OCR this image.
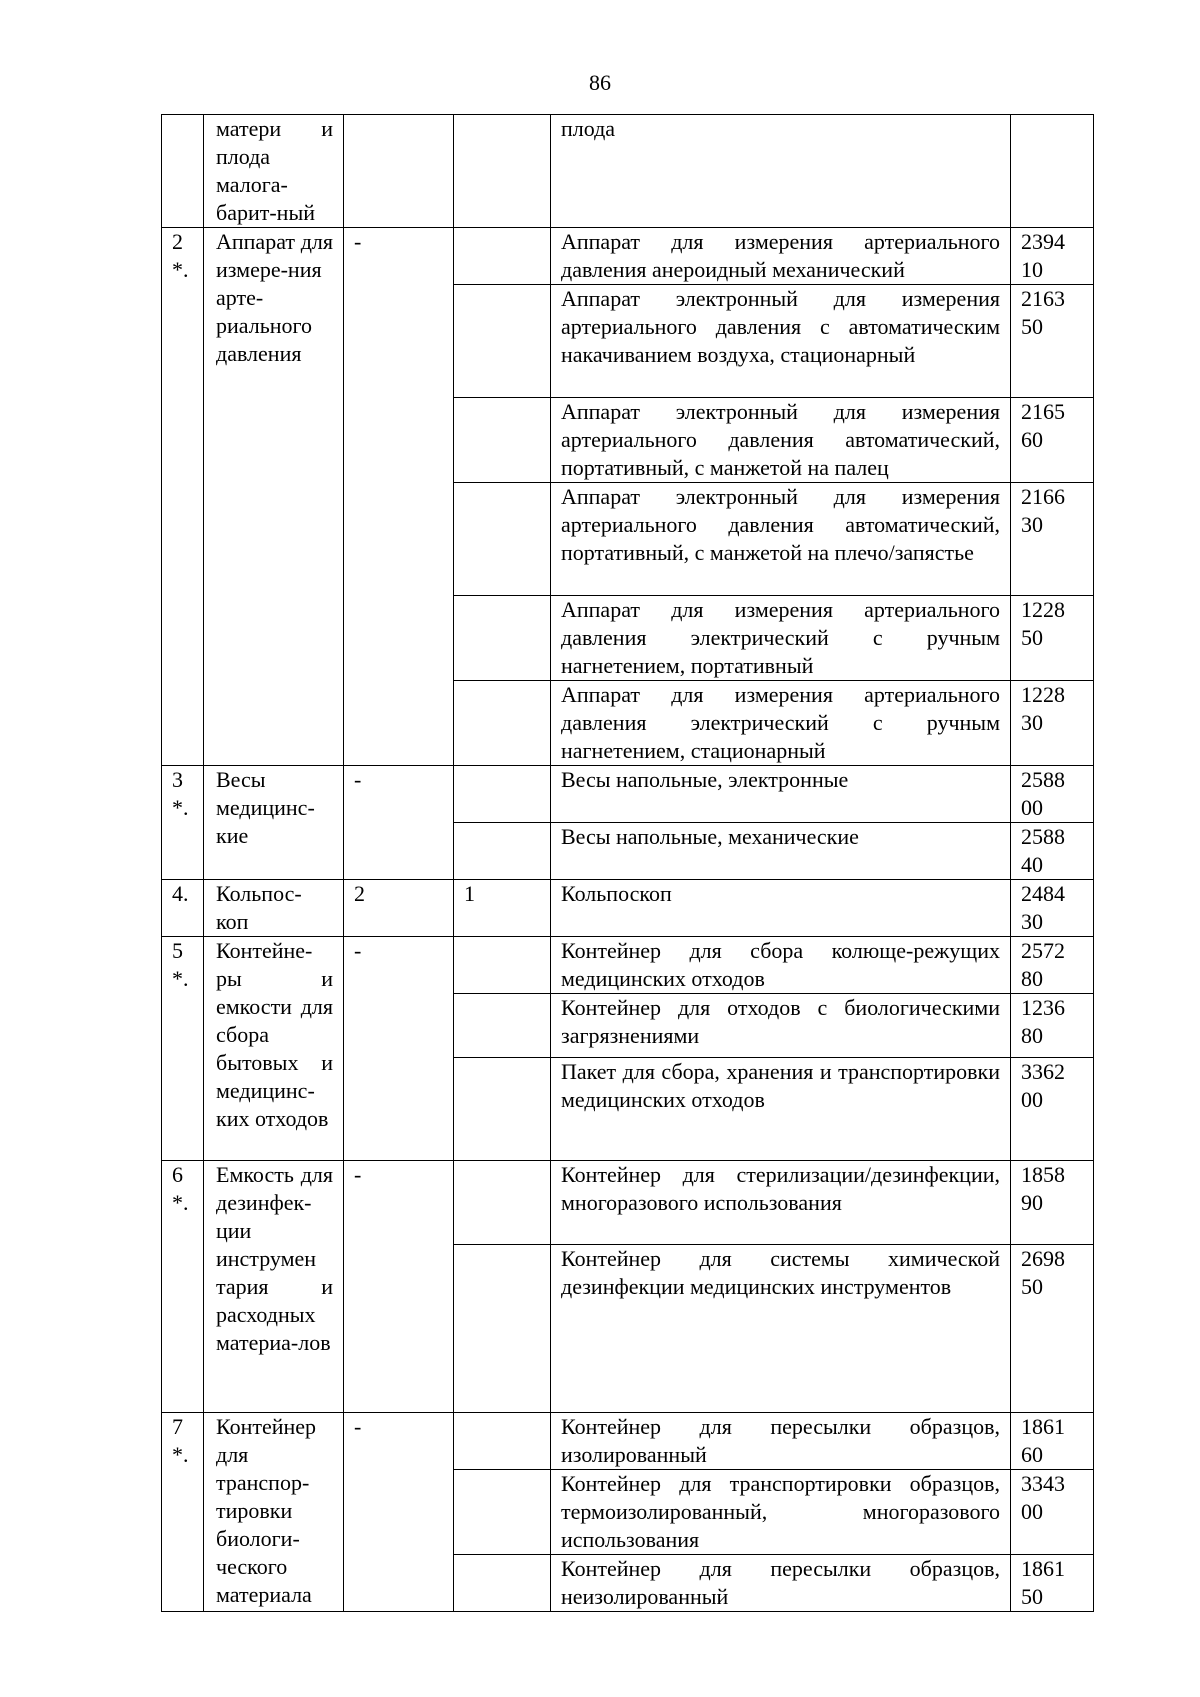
86

	матери и плода малога-барит-ный			плода	

2 *.	Аппарат для измере-ния арте-риального давления	-		Аппарат для измерения артериального давления анероидный механический	2394 10

				Аппарат электронный для измерения артериального давления с автоматическим накачиванием воздуха, стационарный	2163 50

				Аппарат электронный для измерения артериального давления автоматический, портативный, с манжетой на палец	2165 60

				Аппарат электронный для измерения артериального давления автоматический, портативный, с манжетой на плечо/запястье	2166 30

				Аппарат для измерения артериального давления электрический с ручным нагнетением, портативный	1228 50

				Аппарат для измерения артериального давления электрический с ручным нагнетением, стационарный	1228 30

3 *.	Весы медицинс-кие	-		Весы напольные, электронные	2588 00

				Весы напольные, механические	2588 40

4.	Кольпос-коп	2	1	Кольпоскоп	2484 30

5 *.	Контейне-ры и емкости для сбора бытовых и медицинс-ких отходов	-		Контейнер для сбора колюще-режущих медицинских отходов	2572 80

				Контейнер для отходов с биологическими загрязнениями	1236 80

				Пакет для сбора, хранения и транспортировки медицинских отходов	3362 00

6 *.	Емкость для дезинфек-ции инструмен тария и расходных материа-лов	-		Контейнер для стерилизации/дезинфекции, многоразового использования	1858 90

				Контейнер для системы химической дезинфекции медицинских инструментов	2698 50

7 *.	Контейнер для транспор-тировки биологи-ческого материала	-		Контейнер для пересылки образцов, изолированный	1861 60

				Контейнер для транспортировки образцов, термоизолированный, многоразового использования	3343 00

				Контейнер для пересылки образцов, неизолированный	1861 50
